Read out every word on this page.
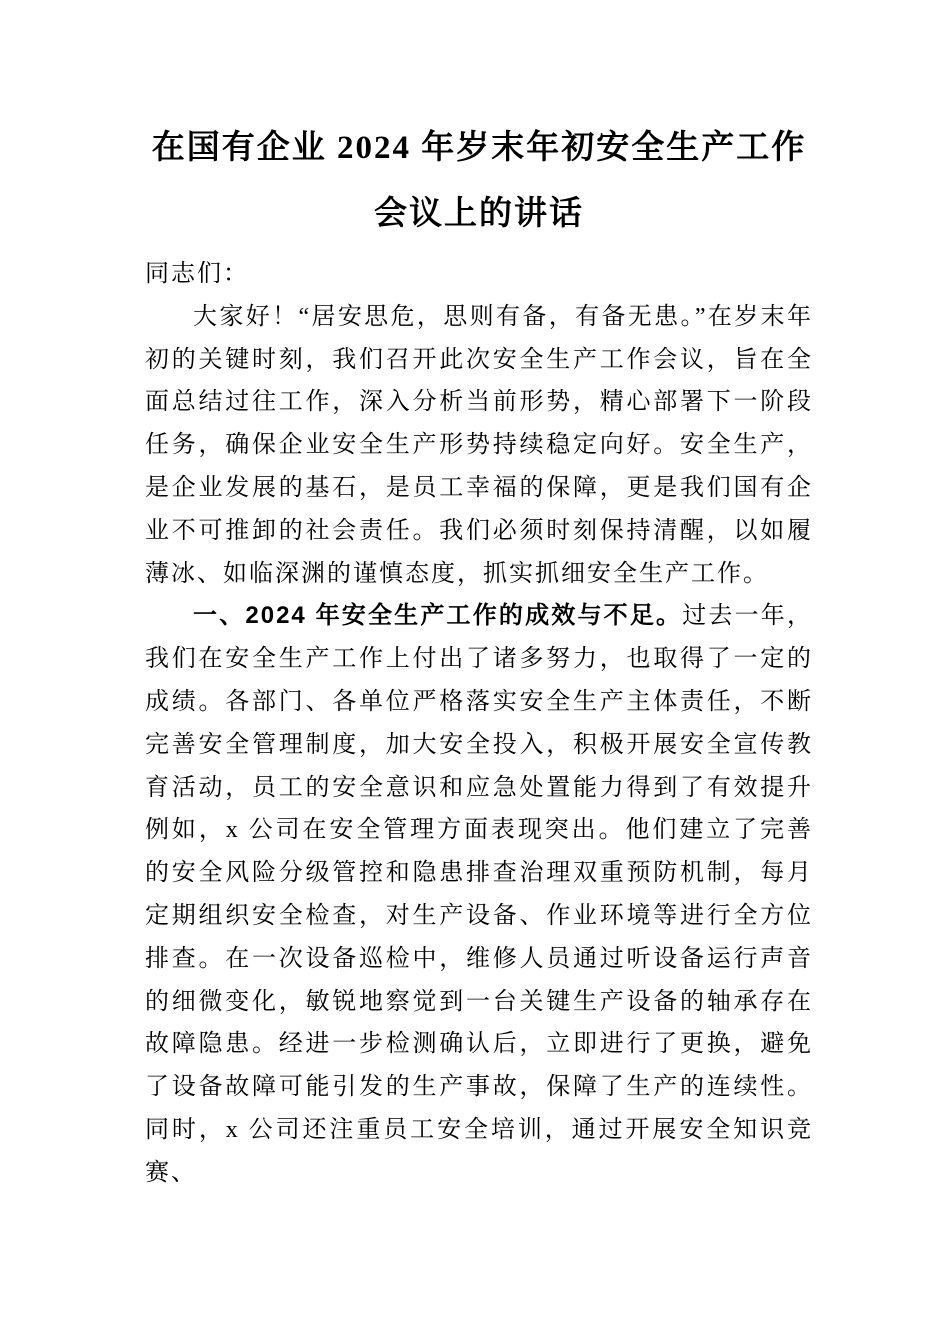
在国有企业 2024 年岁末年初安全生产工作
会议上的讲话

同志们：

大家好！“居安思危，思则有备，有备无患。”在岁末年初的关键时刻，我们召开此次安全生产工作会议，旨在全面总结过往工作，深入分析当前形势，精心部署下一阶段任务，确保企业安全生产形势持续稳定向好。安全生产，是企业发展的基石，是员工幸福的保障，更是我们国有企业不可推卸的社会责任。我们必须时刻保持清醒，以如履薄冰、如临深渊的谨慎态度，抓实抓细安全生产工作。

一、2024 年安全生产工作的成效与不足。过去一年，我们在安全生产工作上付出了诸多努力，也取得了一定的成绩。各部门、各单位严格落实安全生产主体责任，不断完善安全管理制度，加大安全投入，积极开展安全宣传教育活动，员工的安全意识和应急处置能力得到了有效提升例如，x 公司在安全管理方面表现突出。他们建立了完善的安全风险分级管控和隐患排查治理双重预防机制，每月定期组织安全检查，对生产设备、作业环境等进行全方位排查。在一次设备巡检中，维修人员通过听设备运行声音的细微变化，敏锐地察觉到一台关键生产设备的轴承存在故障隐患。经进一步检测确认后，立即进行了更换，避免了设备故障可能引发的生产事故，保障了生产的连续性。同时，x 公司还注重员工安全培训，通过开展安全知识竞赛、
